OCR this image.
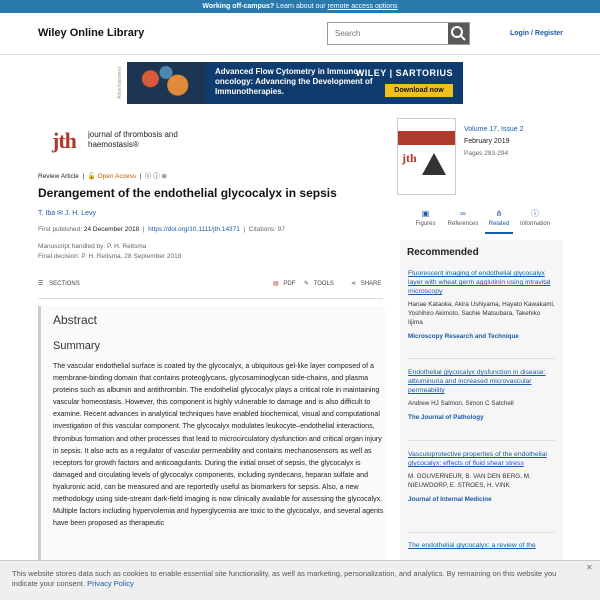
Working off-campus? Learn about our remote access options
Wiley Online Library
Search	Login / Register
Advertisement	Advanced Flow Cytometry in Immuno-oncology: Advancing the Development of Immunotherapies.
WILEY | SARTORIUS
Download now
jth journal of thrombosis and haemostasis®
Review Article  |  🔓 Open Access  |  ⓒ ⓘ ⊜
Derangement of the endothelial glycocalyx in sepsis
T. Iba ✉ J. H. Levy
First published: 24 December 2018  |  https://doi.org/10.1111/jth.14371  |  Citations: 97
Manuscript handled by: P. H. Reitsma
Final decision: P. H. Reitsma, 28 September 2018
☰ SECTIONS	▤ PDF ✎ TOOLS	⋖ SHARE
Abstract
Summary
The vascular endothelial surface is coated by the glycocalyx, a ubiquitous gel-like layer composed of a membrane-binding domain that contains proteoglycans, glycosaminoglycan side-chains, and plasma proteins such as albumin and antithrombin. The endothelial glycocalyx plays a critical role in maintaining vascular homeostasis. However, this component is highly vulnerable to damage and is also difficult to examine. Recent advances in analytical techniques have enabled biochemical, visual and computational investigation of this vascular component. The glycocalyx modulates leukocyte–endothelial interactions, thrombus formation and other processes that lead to microcirculatory dysfunction and critical organ injury in sepsis. It also acts as a regulator of vascular permeability and contains mechanosensors as well as receptors for growth factors and anticoagulants. During the initial onset of sepsis, the glycocalyx is damaged and circulating levels of glycocalyx components, including syndecans, heparan sulfate and hyaluronic acid, can be measured and are reportedly useful as biomarkers for sepsis. Also, a new methodology using side-stream dark-field imaging is now clinically available for assessing the glycocalyx. Multiple factors including hypervolemia and hyperglycemia are toxic to the glycocalyx, and several agents have been proposed as therapeutic
jth
Volume 17, Issue 2
February 2019
Pages 283-294
▣
Figures
∞
References
⋔
Related
ⓘ
Information
Recommended
Fluorescent imaging of endothelial glycocalyx layer with wheat germ agglutinin using intravital microscopy
Hanae Kataoka, Akira Ushiyama, Hayato Kawakami, Yoshihiro Akimoto, Sachie Matsubara, Takehiko Iijima
Microscopy Research and Technique
Endothelial glycocalyx dysfunction in disease: albuminuria and increased microvascular permeability
Andrew HJ Salmon, Simon C Satchell
The Journal of Pathology
Vasculoprotective properties of the endothelial glycocalyx: effects of fluid shear stress
M. GOUVERNEUR, B. VAN DEN BERG, M. NIEUWDORP, E. STROES, H. VINK
Journal of Internal Medicine
The endothelial glycocalyx: a review of the
✕
This website stores data such as cookies to enable essential site functionality, as well as marketing, personalization, and analytics. By remaining on this website you indicate your consent. Privacy Policy
